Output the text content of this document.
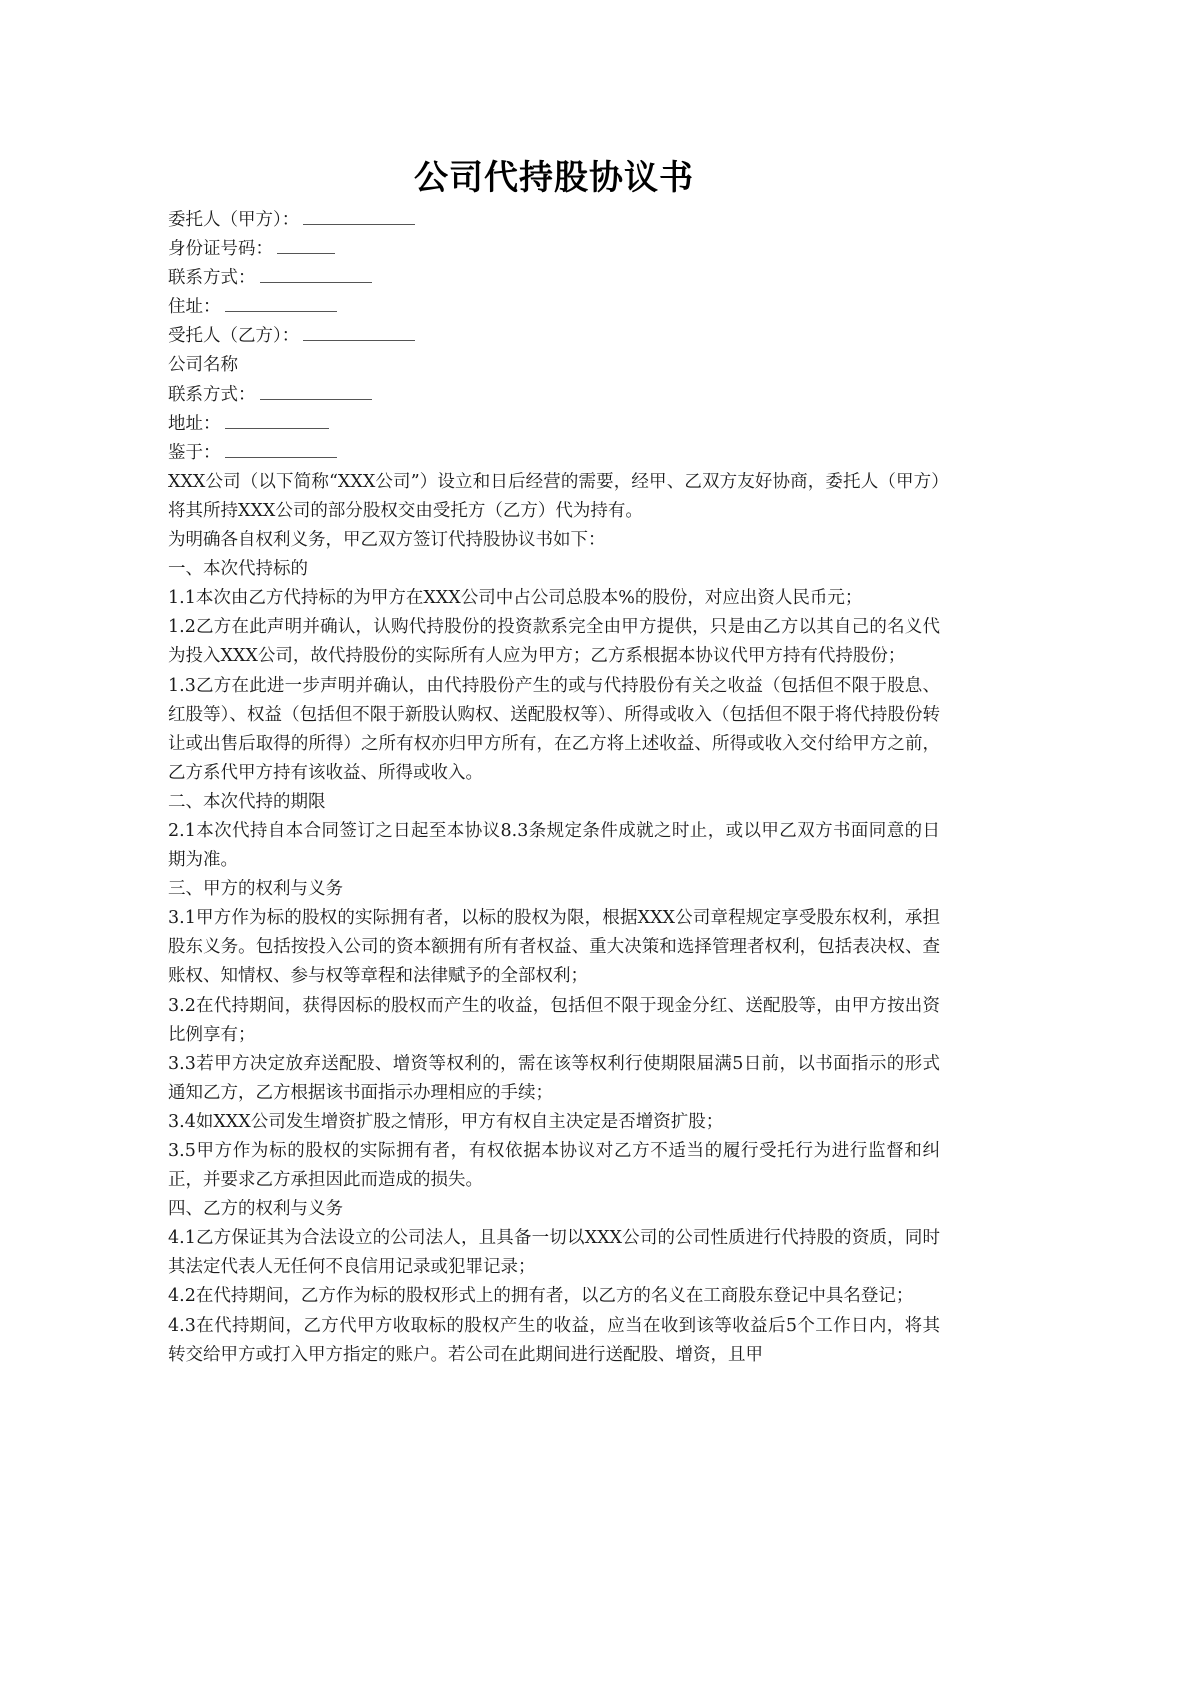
公司代持股协议书

委托人（甲方）：

身份证号码：

联系方式：

住址：

受托人（乙方）：

公司名称

联系方式：

地址：

鉴于：

XXX公司（以下简称“XXX公司”）设立和日后经营的需要，经甲、乙双方友好协商，委托人（甲方）将其所持XXX公司的部分股权交由受托方（乙方）代为持有。

为明确各自权利义务，甲乙双方签订代持股协议书如下：

一、本次代持标的

1.1本次由乙方代持标的为甲方在XXX公司中占公司总股本%的股份，对应出资人民币元；

1.2乙方在此声明并确认，认购代持股份的投资款系完全由甲方提供，只是由乙方以其自己的名义代为投入XXX公司，故代持股份的实际所有人应为甲方；乙方系根据本协议代甲方持有代持股份；

1.3乙方在此进一步声明并确认，由代持股份产生的或与代持股份有关之收益（包括但不限于股息、红股等）、权益（包括但不限于新股认购权、送配股权等）、所得或收入（包括但不限于将代持股份转让或出售后取得的所得）之所有权亦归甲方所有，在乙方将上述收益、所得或收入交付给甲方之前，乙方系代甲方持有该收益、所得或收入。

二、本次代持的期限

2.1本次代持自本合同签订之日起至本协议8.3条规定条件成就之时止，或以甲乙双方书面同意的日期为准。

三、甲方的权利与义务

3.1甲方作为标的股权的实际拥有者，以标的股权为限，根据XXX公司章程规定享受股东权利，承担股东义务。包括按投入公司的资本额拥有所有者权益、重大决策和选择管理者权利，包括表决权、查账权、知情权、参与权等章程和法律赋予的全部权利；

3.2在代持期间，获得因标的股权而产生的收益，包括但不限于现金分红、送配股等，由甲方按出资比例享有；

3.3若甲方决定放弃送配股、增资等权利的，需在该等权利行使期限届满5日前，以书面指示的形式通知乙方，乙方根据该书面指示办理相应的手续；

3.4如XXX公司发生增资扩股之情形，甲方有权自主决定是否增资扩股；

3.5甲方作为标的股权的实际拥有者，有权依据本协议对乙方不适当的履行受托行为进行监督和纠正，并要求乙方承担因此而造成的损失。

四、乙方的权利与义务

4.1乙方保证其为合法设立的公司法人，且具备一切以XXX公司的公司性质进行代持股的资质，同时其法定代表人无任何不良信用记录或犯罪记录；

4.2在代持期间，乙方作为标的股权形式上的拥有者，以乙方的名义在工商股东登记中具名登记；

4.3在代持期间，乙方代甲方收取标的股权产生的收益，应当在收到该等收益后5个工作日内，将其转交给甲方或打入甲方指定的账户。若公司在此期间进行送配股、增资，且甲
